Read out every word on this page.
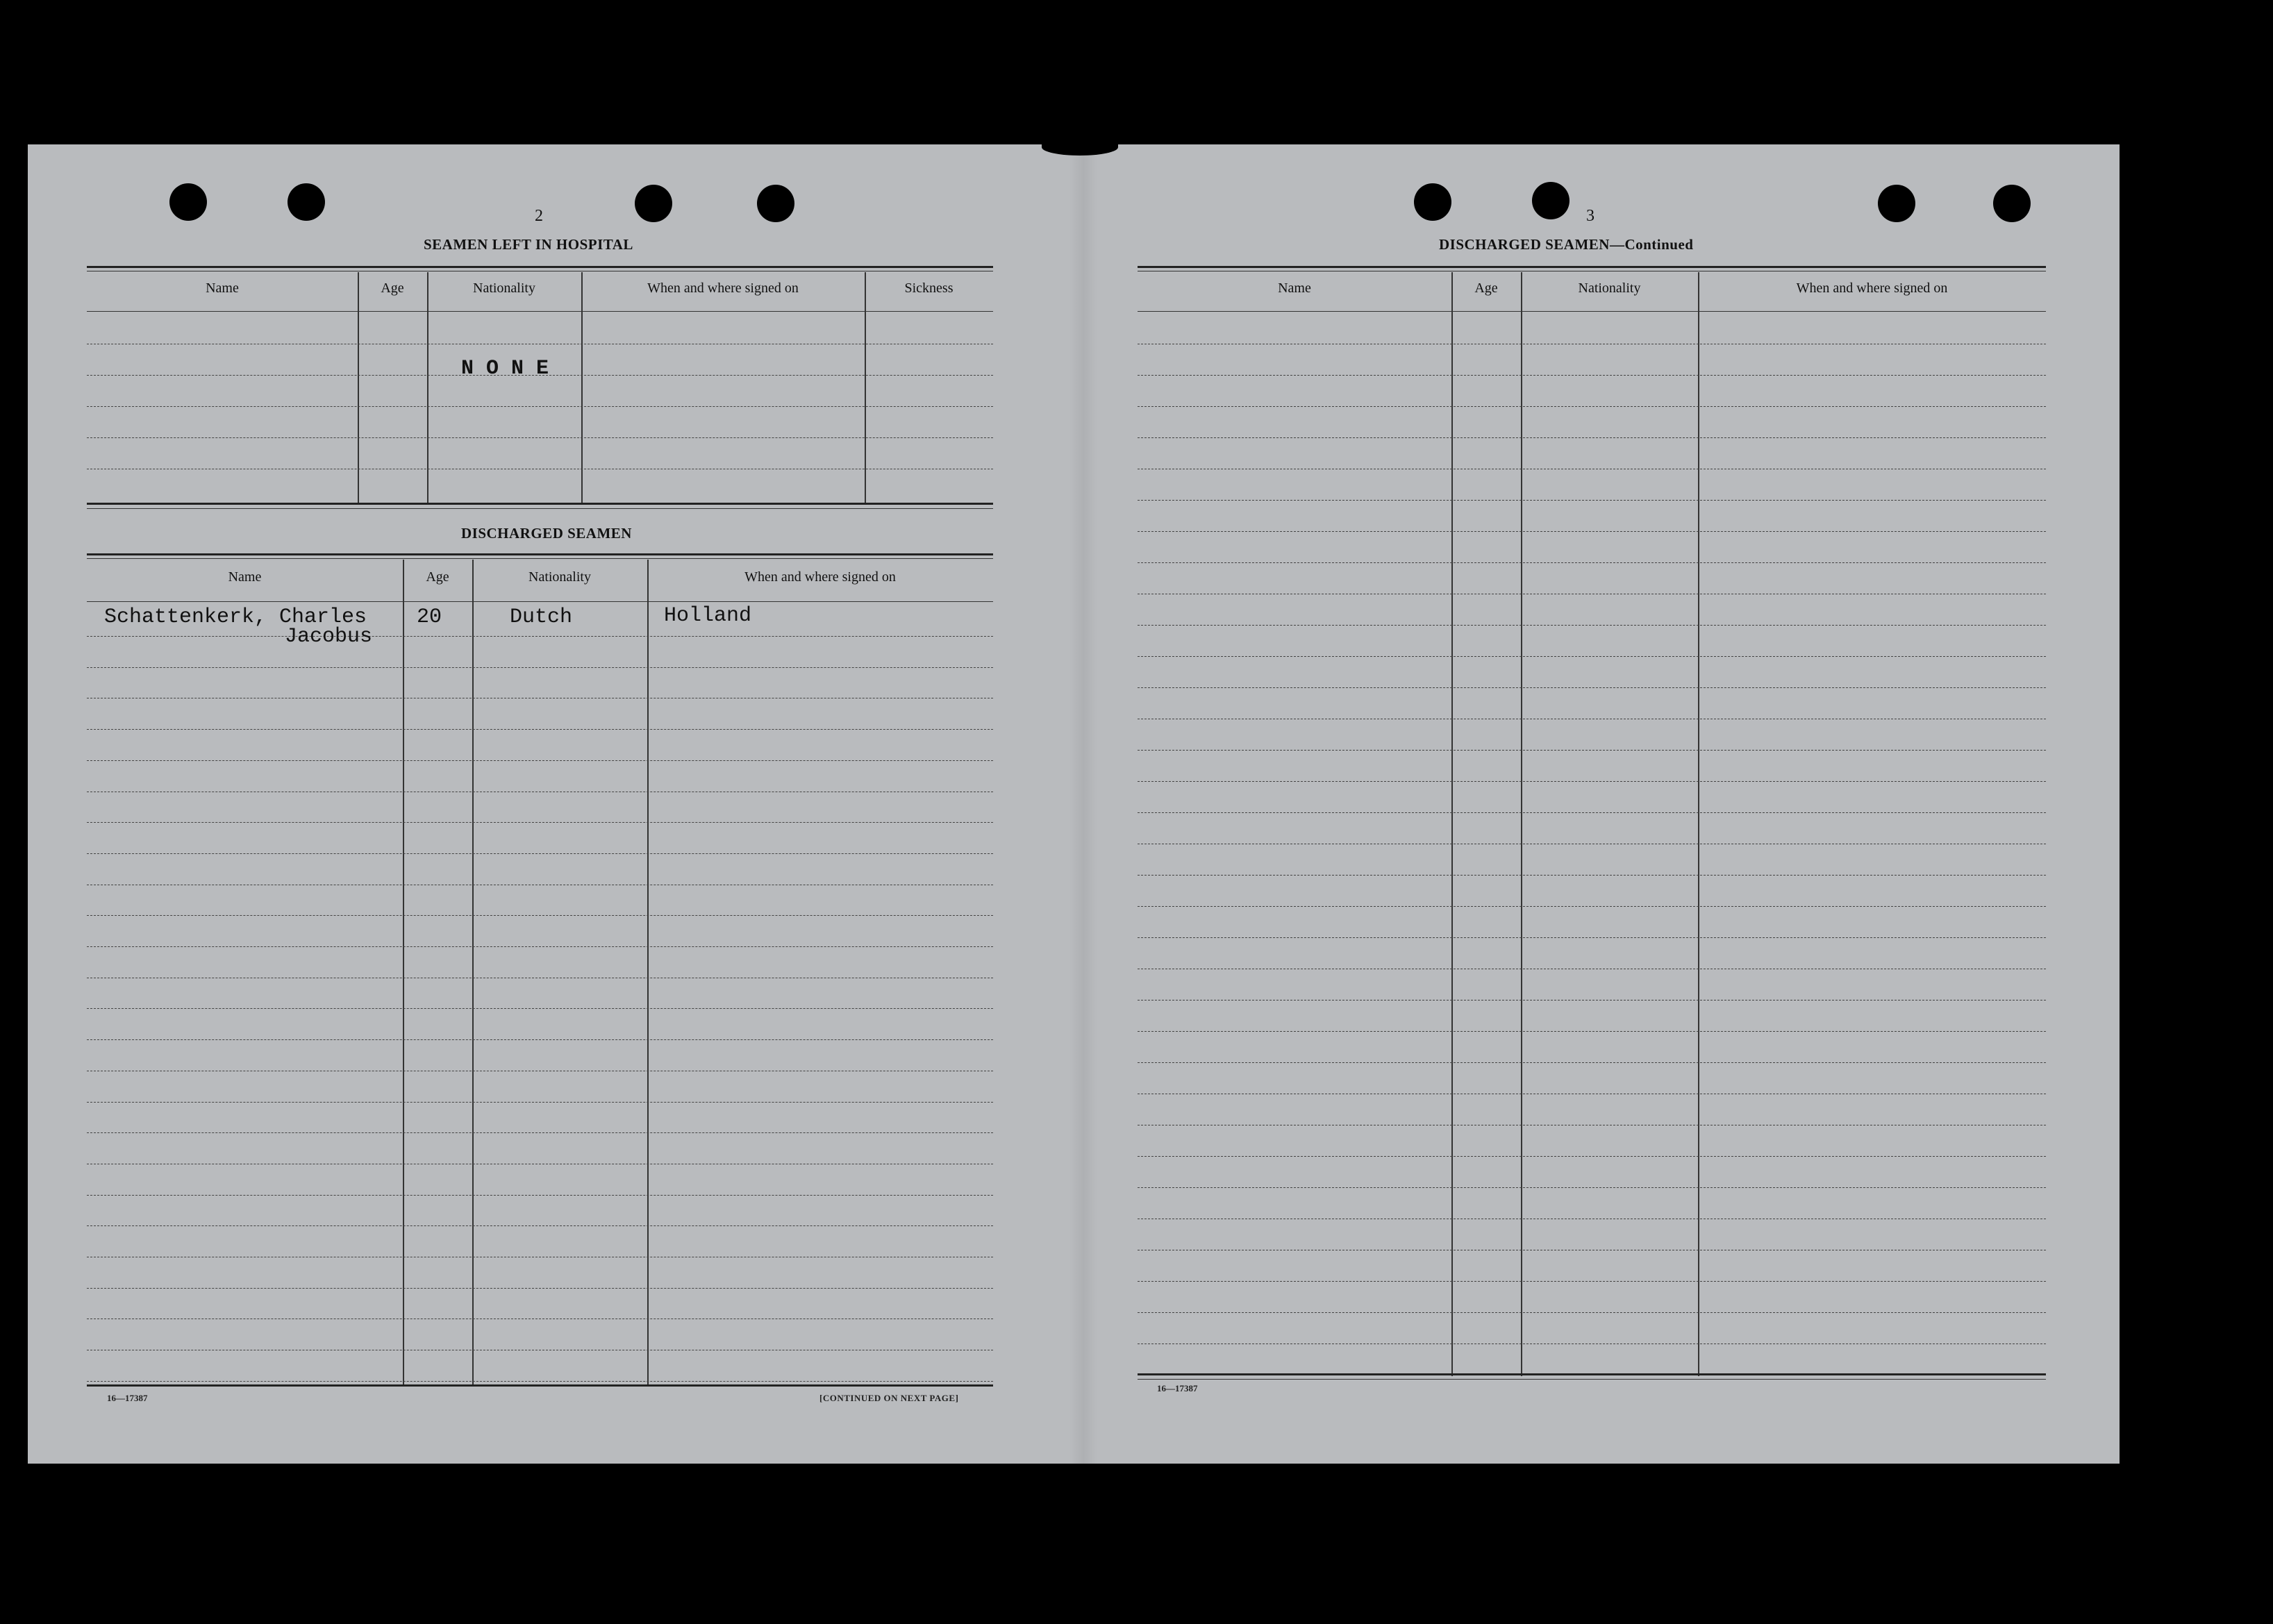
2
SEAMEN LEFT IN HOSPITAL
Name	Age	Nationality	When and where signed on	Sickness
N O N E
DISCHARGED SEAMEN
Name	Age	Nationality	When and where signed on
Schattenkerk, Charles
Jacobus
20	Dutch	Holland
16—17387	[CONTINUED ON NEXT PAGE]
3
DISCHARGED SEAMEN—Continued
Name	Age	Nationality	When and where signed on
16—17387
